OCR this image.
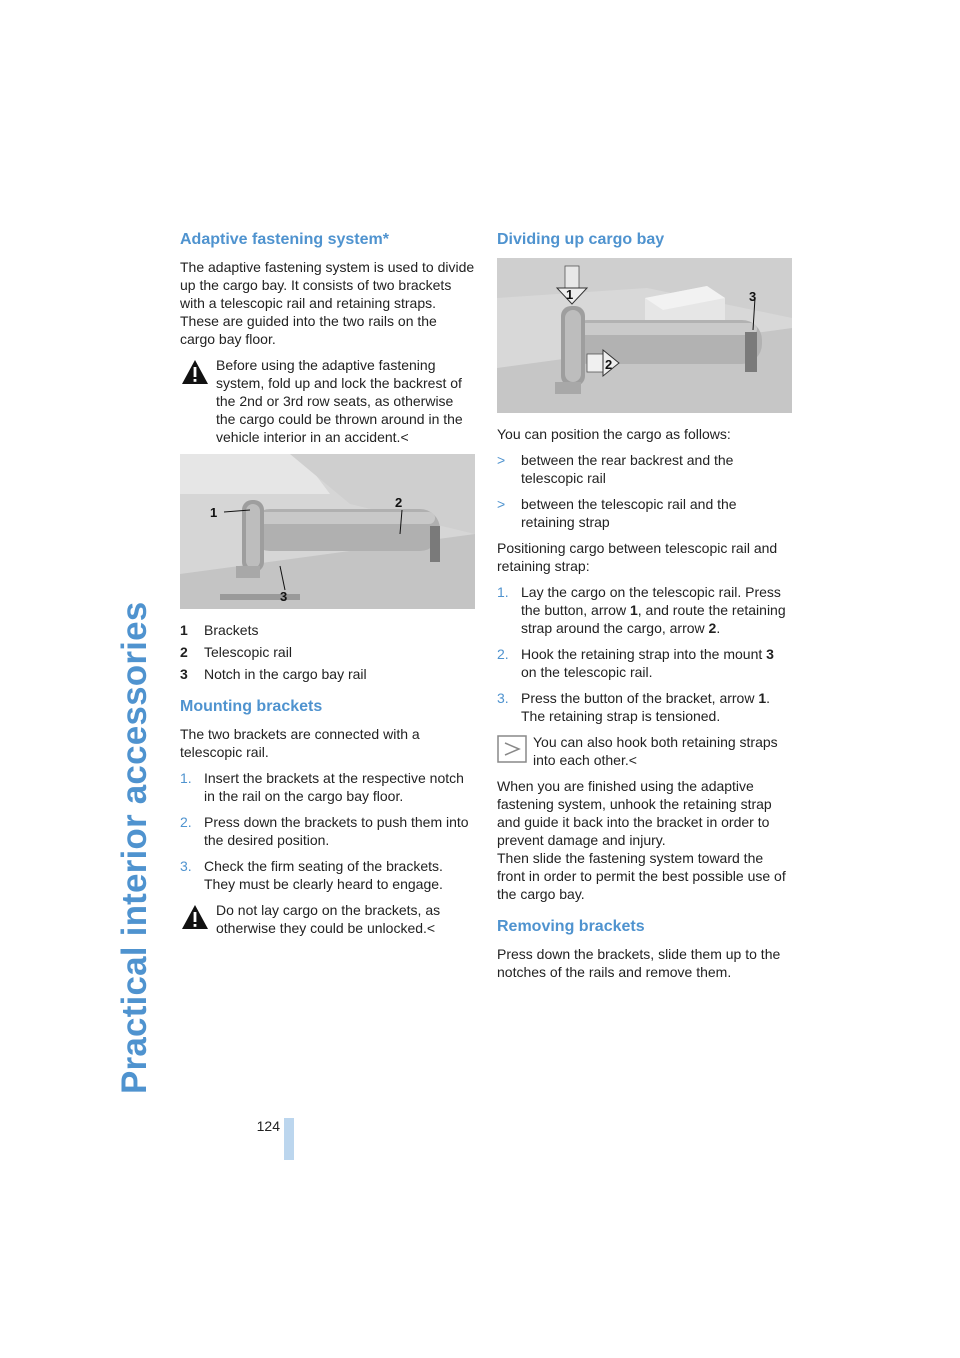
Practical interior accessories
Adaptive fastening system*

The adaptive fastening system is used to divide up the cargo bay. It consists of two brackets with a telescopic rail and retaining straps. These are guided into the two rails on the cargo bay floor.

Before using the adaptive fastening system, fold up and lock the backrest of the 2nd or 3rd row seats, as otherwise the cargo could be thrown around in the vehicle interior in an accident.<
1
2
3
1	Brackets
2	Telescopic rail
3	Notch in the cargo bay rail
Mounting brackets

The two brackets are connected with a telescopic rail.

1. Insert the brackets at the respective notch in the rail on the cargo bay floor.
2. Press down the brackets to push them into the desired position.
3. Check the firm seating of the brackets. They must be clearly heard to engage.
Do not lay cargo on the brackets, as otherwise they could be unlocked.<
Dividing up cargo bay
1
2
3

You can position the cargo as follows:

>	between the rear backrest and the telescopic rail
>	between the telescopic rail and the retaining strap

Positioning cargo between telescopic rail and retaining strap:

1. Lay the cargo on the telescopic rail. Press the button, arrow 1, and route the retaining strap around the cargo, arrow 2.
2. Hook the retaining strap into the mount 3 on the telescopic rail.
3. Press the button of the bracket, arrow 1. The retaining strap is tensioned.
You can also hook both retaining straps into each other.<

When you are finished using the adaptive fastening system, unhook the retaining strap and guide it back into the bracket in order to prevent damage and injury.

Then slide the fastening system toward the front in order to permit the best possible use of the cargo bay.

Removing brackets

Press down the brackets, slide them up to the notches of the rails and remove them.

124
